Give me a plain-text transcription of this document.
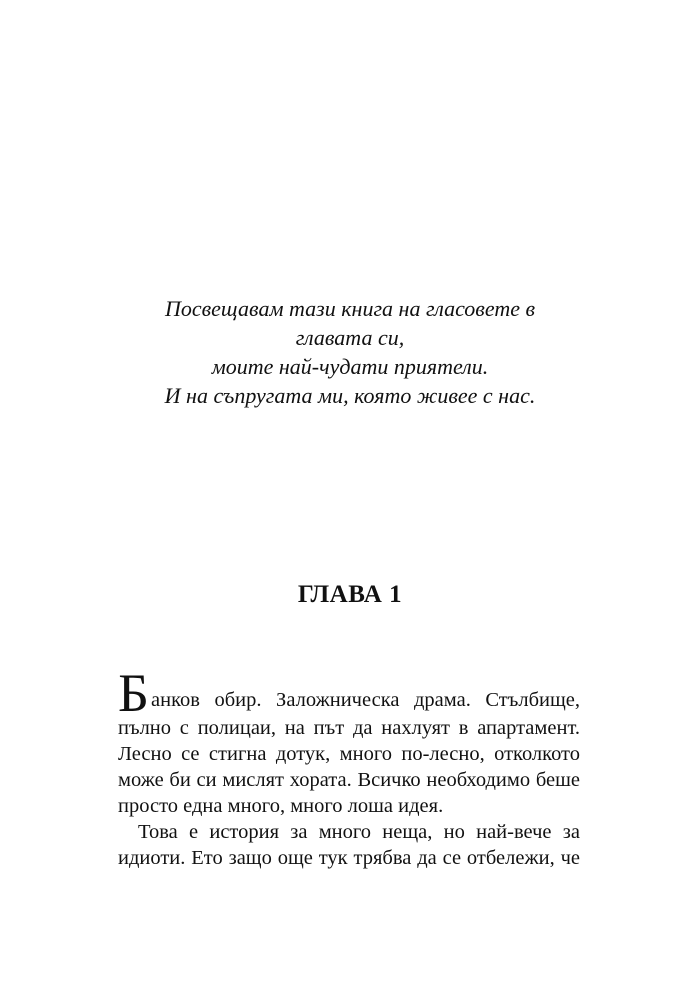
Посвещавам тази книга на гласовете в
главата си,
моите най-чудати приятели.
И на съпругата ми, която живее с нас.
ГЛАВА 1
Б анков обир. Заложническа драма. Стълбище,
пълно с полицаи, на път да нахлуят в апартамент.
Лесно се стигна дотук, много по-лесно, отколкото
може би си мислят хората. Всичко необходимо беше
просто една много, много лоша идея.
Това е история за много неща, но най-вече за
идиоти. Ето защо още тук трябва да се отбележи, че
